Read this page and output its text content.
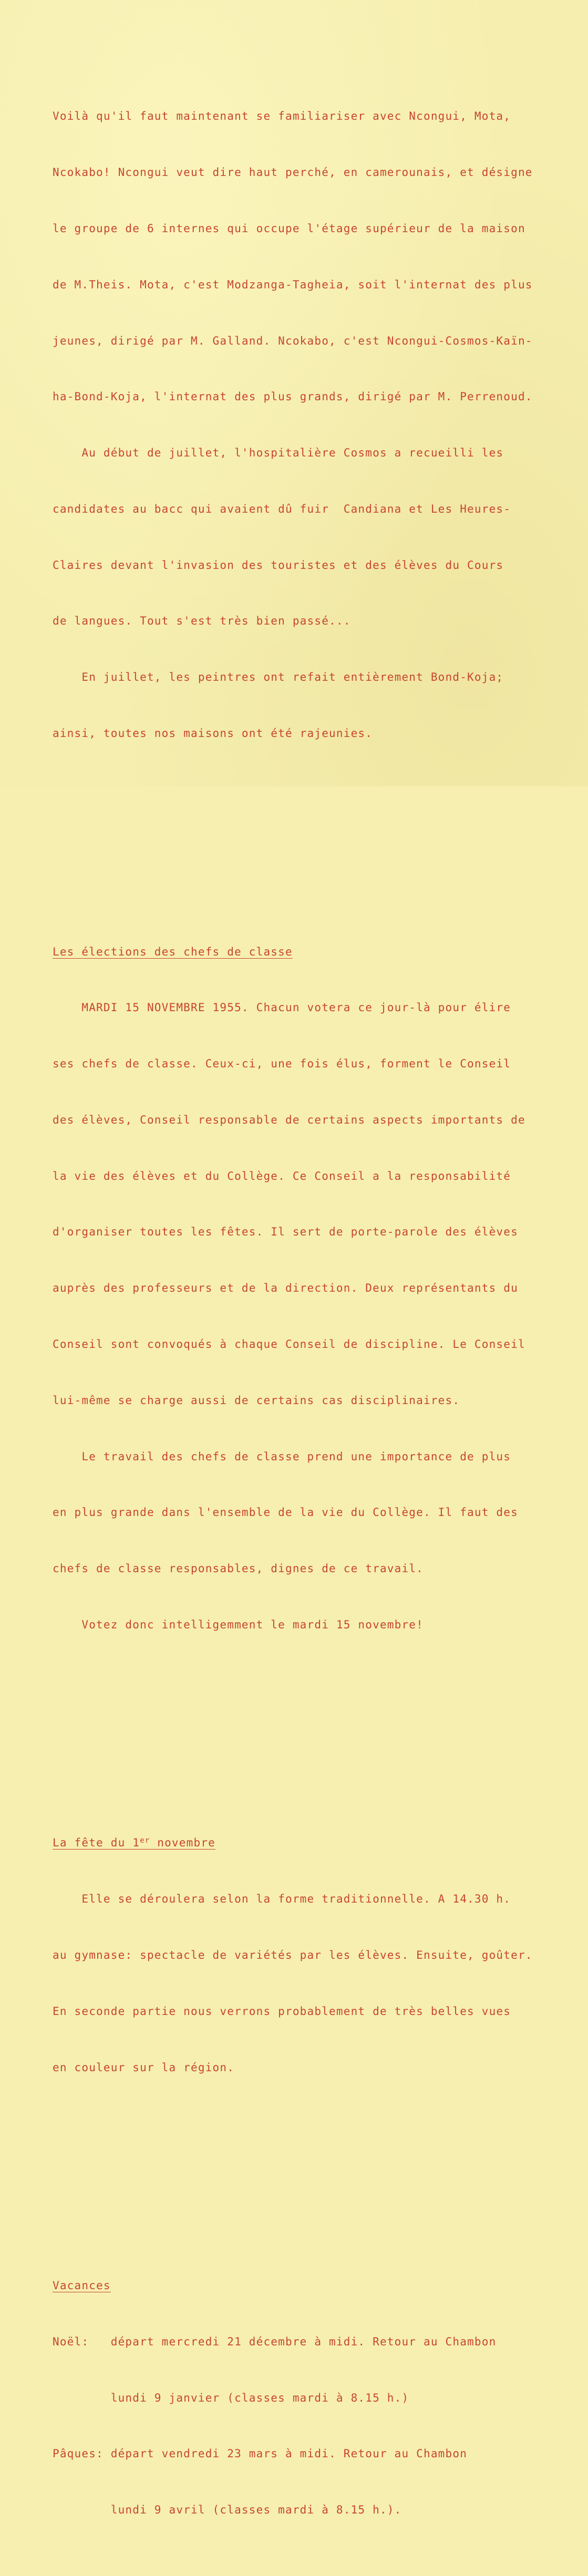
Voilà qu'il faut maintenant se familiariser avec Ncongui, Mota,

Ncokabo! Ncongui veut dire haut perché, en camerounais, et désigne

le groupe de 6 internes qui occupe l'étage supérieur de la maison

de M.Theis. Mota, c'est Modzanga-Tagheia, soit l'internat des plus

jeunes, dirigé par M. Galland. Ncokabo, c'est Ncongui-Cosmos-Kaïn-

ha-Bond-Koja, l'internat des plus grands, dirigé par M. Perrenoud.

Au début de juillet, l'hospitalière Cosmos a recueilli les

candidates au bacc qui avaient dû fuir  Candiana et Les Heures-

Claires devant l'invasion des touristes et des élèves du Cours

de langues. Tout s'est très bien passé...

En juillet, les peintres ont refait entièrement Bond-Koja;

ainsi, toutes nos maisons ont été rajeunies.

Les élections des chefs de classe

MARDI 15 NOVEMBRE 1955. Chacun votera ce jour-là pour élire

ses chefs de classe. Ceux-ci, une fois élus, forment le Conseil

des élèves, Conseil responsable de certains aspects importants de

la vie des élèves et du Collège. Ce Conseil a la responsabilité

d'organiser toutes les fêtes. Il sert de porte-parole des élèves

auprès des professeurs et de la direction. Deux représentants du

Conseil sont convoqués à chaque Conseil de discipline. Le Conseil

lui-même se charge aussi de certains cas disciplinaires.

Le travail des chefs de classe prend une importance de plus

en plus grande dans l'ensemble de la vie du Collège. Il faut des

chefs de classe responsables, dignes de ce travail.

Votez donc intelligemment le mardi 15 novembre!

La fête du 1er novembre

Elle se déroulera selon la forme traditionnelle. A 14.30 h.

au gymnase: spectacle de variétés par les élèves. Ensuite, goûter.

En seconde partie nous verrons probablement de très belles vues

en couleur sur la région.

Vacances

Noël:   départ mercredi 21 décembre à midi. Retour au Chambon

lundi 9 janvier (classes mardi à 8.15 h.)

Pâques: départ vendredi 23 mars à midi. Retour au Chambon

lundi 9 avril (classes mardi à 8.15 h.).
